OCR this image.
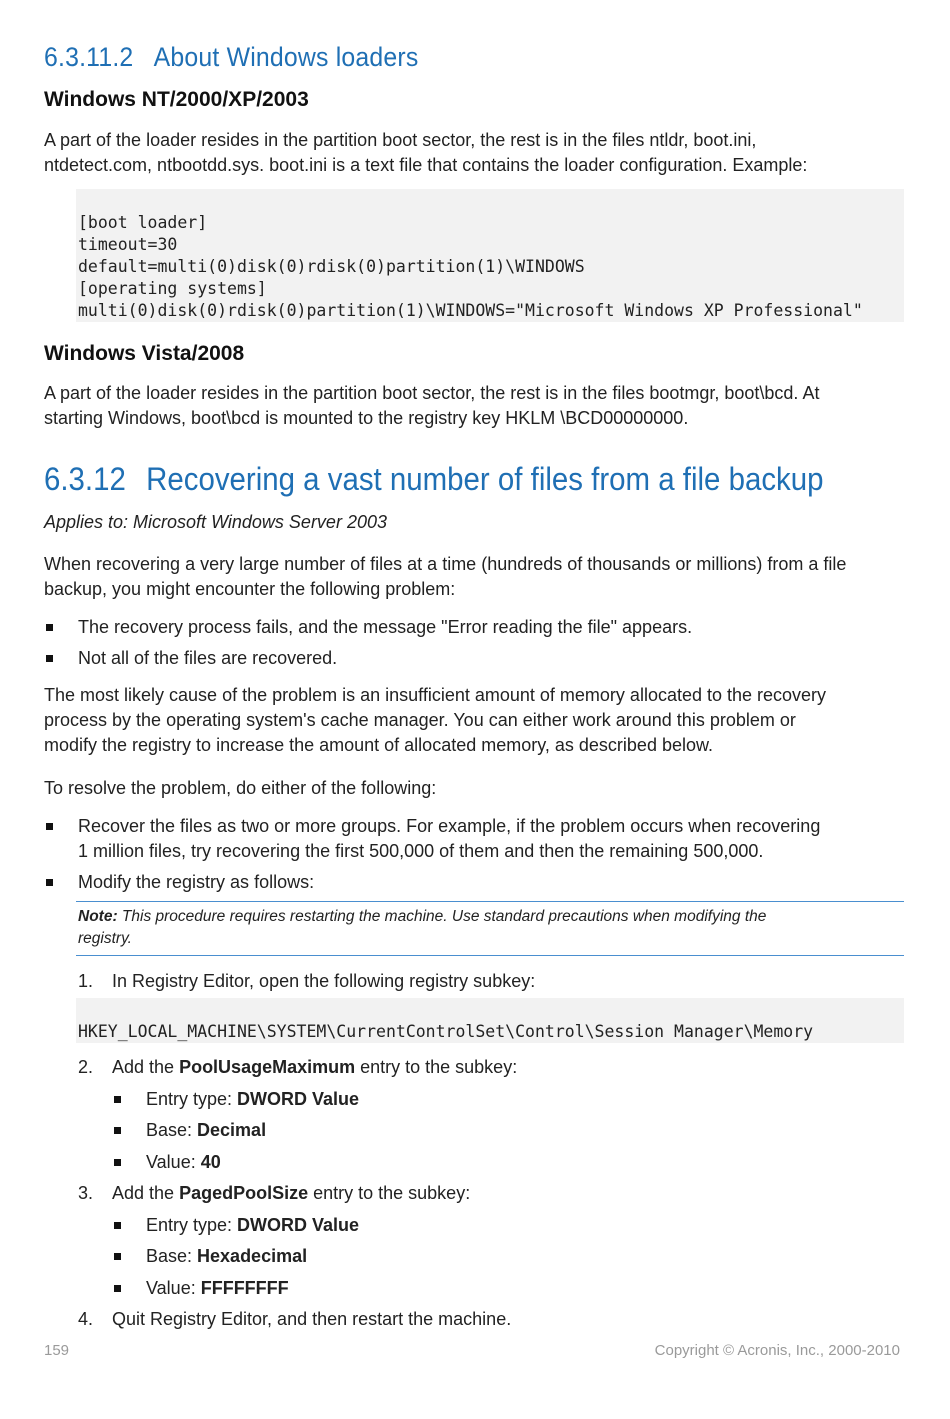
6.3.11.2 About Windows loaders
Windows NT/2000/XP/2003
A part of the loader resides in the partition boot sector, the rest is in the files ntldr, boot.ini,
ntdetect.com, ntbootdd.sys. boot.ini is a text file that contains the loader configuration. Example:

[boot loader]
timeout=30
default=multi(0)disk(0)rdisk(0)partition(1)\WINDOWS
[operating systems]
multi(0)disk(0)rdisk(0)partition(1)\WINDOWS="Microsoft Windows XP Professional"

Windows Vista/2008
A part of the loader resides in the partition boot sector, the rest is in the files bootmgr, boot\bcd. At
starting Windows, boot\bcd is mounted to the registry key HKLM \BCD00000000.
6.3.12 Recovering a vast number of files from a file backup
Applies to: Microsoft Windows Server 2003
When recovering a very large number of files at a time (hundreds of thousands or millions) from a file
backup, you might encounter the following problem:
The recovery process fails, and the message "Error reading the file" appears.
Not all of the files are recovered.
The most likely cause of the problem is an insufficient amount of memory allocated to the recovery
process by the operating system's cache manager. You can either work around this problem or
modify the registry to increase the amount of allocated memory, as described below.
To resolve the problem, do either of the following:
Recover the files as two or more groups. For example, if the problem occurs when recovering
1 million files, try recovering the first 500,000 of them and then the remaining 500,000.
Modify the registry as follows:
Note: This procedure requires restarting the machine. Use standard precautions when modifying the
registry.
1. In Registry Editor, open the following registry subkey:

HKEY_LOCAL_MACHINE\SYSTEM\CurrentControlSet\Control\Session Manager\Memory

2. Add the PoolUsageMaximum entry to the subkey:
Entry type: DWORD Value
Base: Decimal
Value: 40
3. Add the PagedPoolSize entry to the subkey:
Entry type: DWORD Value
Base: Hexadecimal
Value: FFFFFFFF
4. Quit Registry Editor, and then restart the machine.
159	Copyright © Acronis, Inc., 2000-2010
